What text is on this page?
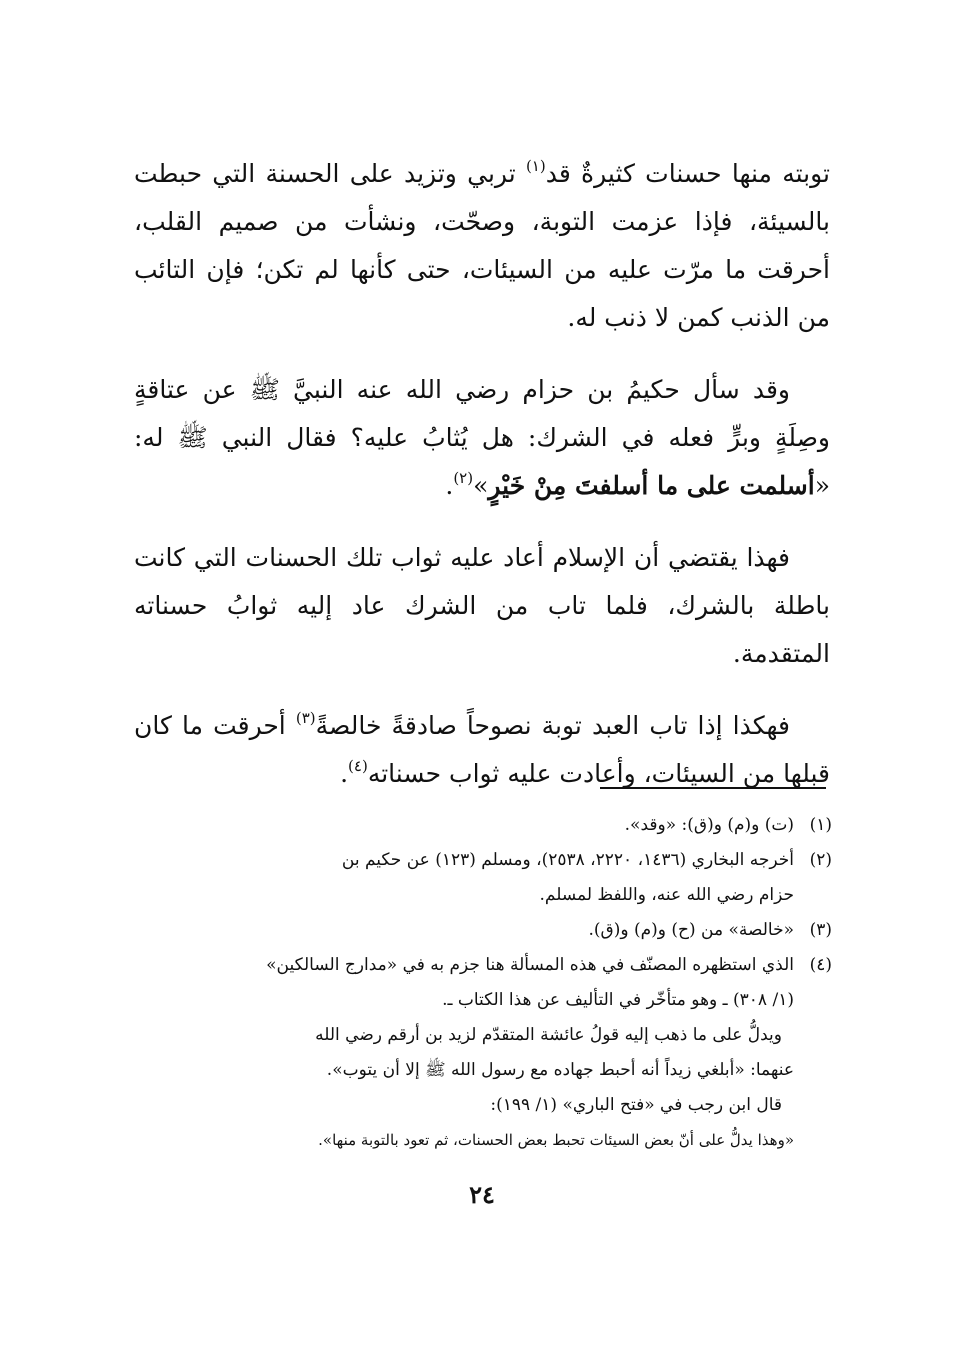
توبته منها حسنات كثيرةٌ قد$^{(١)}$ تربي وتزيد على الحسنة التي حبطت بالسيئة، فإذا عزمت التوبة، وصحّت، ونشأت من صميم القلب، أحرقت ما مرّت عليه من السيئات، حتى كأنها لم تكن؛ فإن التائب من الذنب كمن لا ذنب له.

وقد سأل حكيمُ بن حزام رضي الله عنه النبيَّ ﷺ عن عتاقةٍ وصِلَةٍ وبرٍّ فعله في الشرك: هل يُثابُ عليه؟ فقال النبي ﷺ له: «أسلمت على ما أسلفتَ مِنْ خَيْرٍ»$^{(٢)}$.

فهذا يقتضي أن الإسلام أعاد عليه ثواب تلك الحسنات التي كانت باطلة بالشرك، فلما تاب من الشرك عاد إليه ثوابُ حسناته المتقدمة.

فهكذا إذا تاب العبد توبة نصوحاً صادقةً خالصةً$^{(٣)}$ أحرقت ما كان قبلها من السيئات، وأعادت عليه ثواب حسناته$^{(٤)}$.

(١)
(ت) و(م) و(ق): «وقد».
(٢)
أخرجه البخاري (١٤٣٦، ٢٢٢٠، ٢٥٣٨)، ومسلم (١٢٣) عن حكيم بن
حزام رضي الله عنه، واللفظ لمسلم.
(٣)
«خالصة» من (ح) و(م) و(ق).
(٤)
الذي استظهره المصنّف في هذه المسألة هنا جزم به في «مدارج السالكين»
(١/ ٣٠٨) ـ وهو متأخّر في التأليف عن هذا الكتاب ـ.
ويدلُّ على ما ذهب إليه قولُ عائشة المتقدّم لزيد بن أرقم رضي الله
عنهما: «أبلغي زيداً أنه أحبط جهاده مع رسول الله ﷺ إلا أن يتوب».
قال ابن رجب في «فتح الباري» (١/ ١٩٩):
«وهذا يدلُّ على أنّ بعض السيئات تحبط بعض الحسنات، ثم تعود بالتوبة منها».
٢٤
